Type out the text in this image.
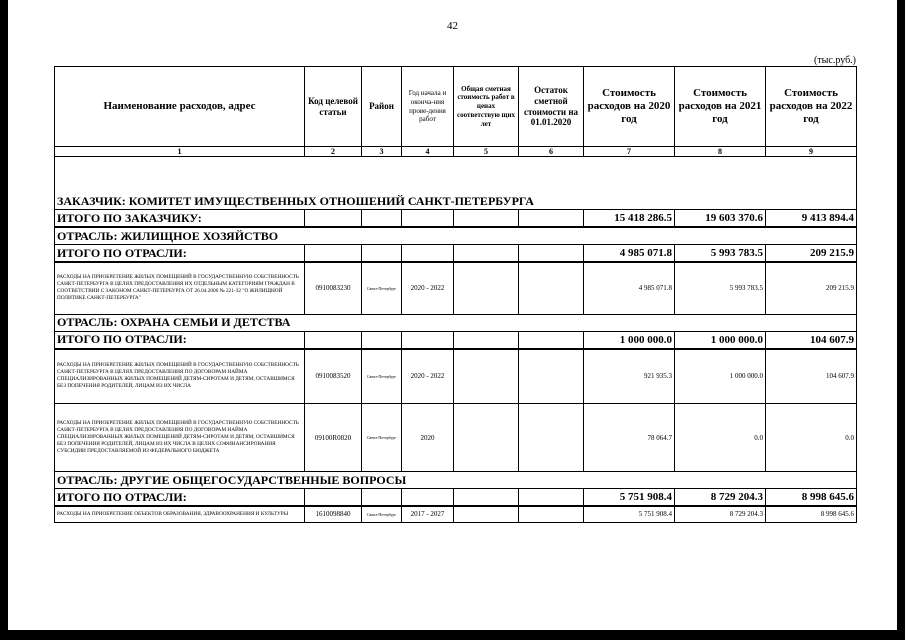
42
(тыс.руб.)
Наименование расходов, адрес	Код целевой статьи	Район	Год начала и оконча-ния прове-дения работ	Общая сметная стоимость работ в ценах соответствую щих лет	Остаток сметной стоимости на 01.01.2020	Стоимость расходов на 2020 год	Стоимость расходов на 2021 год	Стоимость расходов на 2022 год
1	2	3	4	5	6	7	8	9

ЗАКАЗЧИК: КОМИТЕТ ИМУЩЕСТВЕННЫХ ОТНОШЕНИЙ САНКТ-ПЕТЕРБУРГА								
ИТОГО ПО ЗАКАЗЧИКУ:						15 418 286.5	19 603 370.6	9 413 894.4
ОТРАСЛЬ: ЖИЛИЩНОЕ ХОЗЯЙСТВО								
ИТОГО ПО ОТРАСЛИ:						4 985 071.8	5 993 783.5	209 215.9
РАСХОДЫ НА ПРИОБРЕТЕНИЕ ЖИЛЫХ ПОМЕЩЕНИЙ В ГОСУДАРСТВЕННУЮ СОБСТВЕННОСТЬ САНКТ-ПЕТЕРБУРГА В ЦЕЛЯХ ПРЕДОСТАВЛЕНИЯ ИХ ОТДЕЛЬНЫМ КАТЕГОРИЯМ ГРАЖДАН В СООТВЕТСТВИИ С ЗАКОНОМ САНКТ-ПЕТЕРБУРГА ОТ 26.04.2006 № 221-32 "О ЖИЛИЩНОЙ ПОЛИТИКЕ САНКТ-ПЕТЕРБУРГА"	0910083230	Санкт-Петербург	2020 - 2022			4 985 071.8	5 993 783.5	209 215.9
ОТРАСЛЬ: ОХРАНА СЕМЬИ И ДЕТСТВА								
ИТОГО ПО ОТРАСЛИ:						1 000 000.0	1 000 000.0	104 607.9
РАСХОДЫ НА ПРИОБРЕТЕНИЕ ЖИЛЫХ ПОМЕЩЕНИЙ В ГОСУДАРСТВЕННУЮ СОБСТВЕННОСТЬ САНКТ-ПЕТЕРБУРГА В ЦЕЛЯХ ПРЕДОСТАВЛЕНИЯ ПО ДОГОВОРАМ НАЙМА СПЕЦИАЛИЗИРОВАННЫХ ЖИЛЫХ ПОМЕЩЕНИЙ ДЕТЯМ-СИРОТАМ И ДЕТЯМ, ОСТАВШИМСЯ БЕЗ ПОПЕЧЕНИЯ РОДИТЕЛЕЙ, ЛИЦАМ ИЗ ИХ ЧИСЛА	0910083520	Санкт-Петербург	2020 - 2022			921 935.3	1 000 000.0	104 607.9
РАСХОДЫ НА ПРИОБРЕТЕНИЕ ЖИЛЫХ ПОМЕЩЕНИЙ В ГОСУДАРСТВЕННУЮ СОБСТВЕННОСТЬ САНКТ-ПЕТЕРБУРГА В ЦЕЛЯХ ПРЕДОСТАВЛЕНИЯ ПО ДОГОВОРАМ НАЙМА СПЕЦИАЛИЗИРОВАННЫХ ЖИЛЫХ ПОМЕЩЕНИЙ ДЕТЯМ-СИРОТАМ И ДЕТЯМ, ОСТАВШИМСЯ БЕЗ ПОПЕЧЕНИЯ РОДИТЕЛЕЙ, ЛИЦАМ ИЗ ИХ ЧИСЛА В ЦЕЛЯХ СОФИНАНСИРОВАНИЯ СУБСИДИИ ПРЕДОСТАВЛЯЕМОЙ ИЗ ФЕДЕРАЛЬНОГО БЮДЖЕТА	09100R0820	Санкт-Петербург	2020			78 064.7	0.0	0.0
ОТРАСЛЬ: ДРУГИЕ ОБЩЕГОСУДАРСТВЕННЫЕ ВОПРОСЫ								
ИТОГО ПО ОТРАСЛИ:						5 751 908.4	8 729 204.3	8 998 645.6
РАСХОДЫ НА ПРИОБРЕТЕНИЕ ОБЪЕКТОВ ОБРАЗОВАНИЯ, ЗДРАВООХРАНЕНИЯ И КУЛЬТУРЫ	1610098840	Санкт-Петербург	2017 - 2027			5 751 908.4	8 729 204.3	8 998 645.6
